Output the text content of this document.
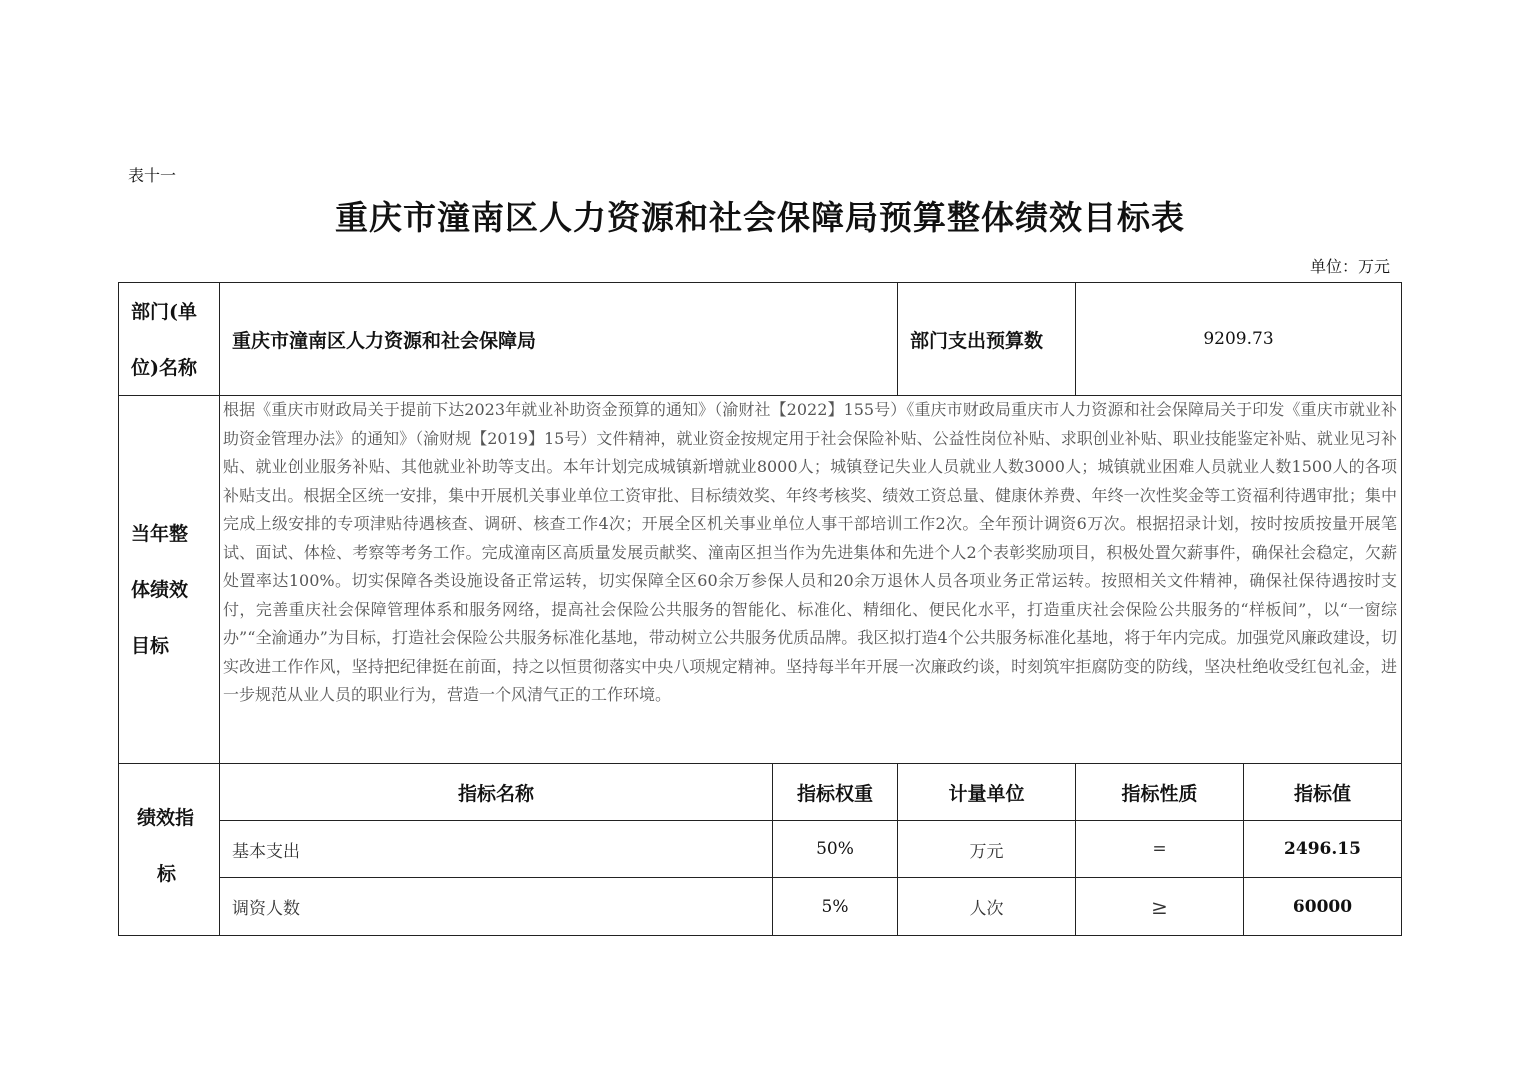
表十一
重庆市潼南区人力资源和社会保障局预算整体绩效目标表
单位：万元
部门(单
位)名称
重庆市潼南区人力资源和社会保障局	部门支出预算数	9209.73
当年整
体绩效
目标
根据《重庆市财政局关于提前下达2023年就业补助资金预算的通知》（渝财社【2022】155号）《重庆市财政局重庆市人力资源和社会保障局关于印发《重庆市就业补助资金管理办法》的通知》（渝财规【2019】15号）文件精神，就业资金按规定用于社会保险补贴、公益性岗位补贴、求职创业补贴、职业技能鉴定补贴、就业见习补贴、就业创业服务补贴、其他就业补助等支出。本年计划完成城镇新增就业8000人；城镇登记失业人员就业人数3000人；城镇就业困难人员就业人数1500人的各项补贴支出。根据全区统一安排，集中开展机关事业单位工资审批、目标绩效奖、年终考核奖、绩效工资总量、健康休养费、年终一次性奖金等工资福利待遇审批；集中完成上级安排的专项津贴待遇核查、调研、核查工作4次；开展全区机关事业单位人事干部培训工作2次。全年预计调资6万次。根据招录计划，按时按质按量开展笔试、面试、体检、考察等考务工作。完成潼南区高质量发展贡献奖、潼南区担当作为先进集体和先进个人2个表彰奖励项目，积极处置欠薪事件，确保社会稳定，欠薪处置率达100%。切实保障各类设施设备正常运转，切实保障全区60余万参保人员和20余万退休人员各项业务正常运转。按照相关文件精神，确保社保待遇按时支付，完善重庆社会保障管理体系和服务网络，提高社会保险公共服务的智能化、标准化、精细化、便民化水平，打造重庆社会保险公共服务的“样板间”，以“一窗综办”“全渝通办”为目标，打造社会保险公共服务标准化基地，带动树立公共服务优质品牌。我区拟打造4个公共服务标准化基地，将于年内完成。加强党风廉政建设，切实改进工作作风，坚持把纪律挺在前面，持之以恒贯彻落实中央八项规定精神。坚持每半年开展一次廉政约谈，时刻筑牢拒腐防变的防线，坚决杜绝收受红包礼金，进一步规范从业人员的职业行为，营造一个风清气正的工作环境。
绩效指
标
指标名称	指标权重	计量单位	指标性质	指标值
基本支出	50%	万元	=	2496.15
调资人数	5%	人次	≥	60000
